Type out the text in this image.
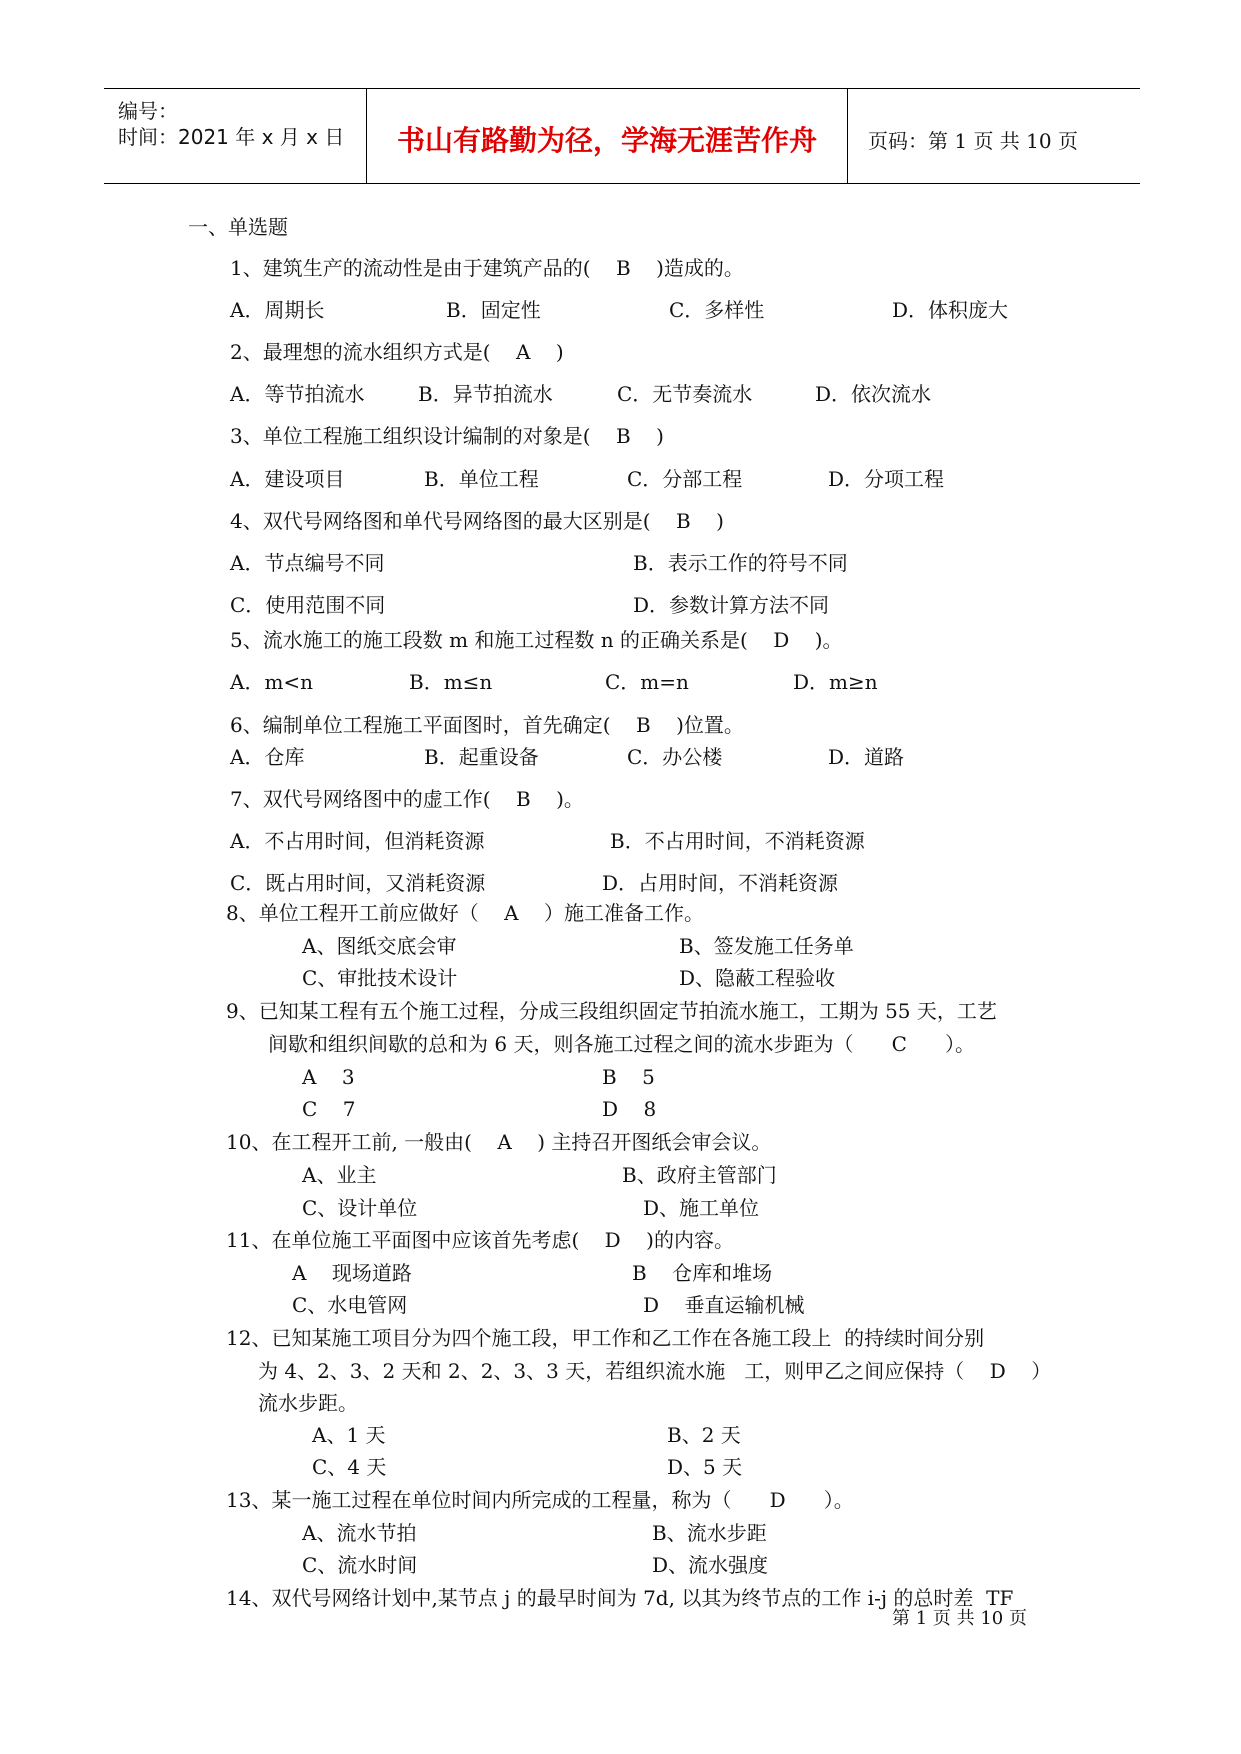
编号：
时间：2021 年 x 月 x 日	书山有路勤为径，学海无涯苦作舟	页码：第 1 页 共 10 页
一、单选题
1、建筑生产的流动性是由于建筑产品的(    B    )造成的。
A．周期长	B．固定性	C．多样性	D．体积庞大
2、最理想的流水组织方式是(    A    )
A．等节拍流水	B．异节拍流水	C．无节奏流水	D．依次流水
3、单位工程施工组织设计编制的对象是(    B    )
A．建设项目	B．单位工程	C．分部工程	D．分项工程
4、双代号网络图和单代号网络图的最大区别是(    B    )
A．节点编号不同	B．表示工作的符号不同
C．使用范围不同	D．参数计算方法不同
5、流水施工的施工段数 m 和施工过程数 n 的正确关系是(    D    )。
A．m<n	B．m≤n	C．m=n	D．m≥n
6、编制单位工程施工平面图时，首先确定(    B    )位置。
A．仓库	B．起重设备	C．办公楼	D．道路
7、双代号网络图中的虚工作(    B    )。
A．不占用时间，但消耗资源	B．不占用时间，不消耗资源
C．既占用时间，又消耗资源	D．占用时间，不消耗资源
8、单位工程开工前应做好（    A    ）施工准备工作。
A、图纸交底会审	B、签发施工任务单
C、审批技术设计	D、隐蔽工程验收
9、已知某工程有五个施工过程，分成三段组织固定节拍流水施工，工期为 55 天，工艺
间歇和组织间歇的总和为 6 天，则各施工过程之间的流水步距为（      C      ）。
A    3	B    5
C    7	D    8
10、在工程开工前, 一般由(    A    ) 主持召开图纸会审会议。
A、业主	B、政府主管部门
C、设计单位	D、施工单位
11、在单位施工平面图中应该首先考虑(    D    )的内容。
A    现场道路	B    仓库和堆场
C、水电管网	D    垂直运输机械
12、已知某施工项目分为四个施工段，甲工作和乙工作在各施工段上  的持续时间分别
为 4、2、3、2 天和 2、2、3、3 天，若组织流水施   工，则甲乙之间应保持（    D    ）
流水步距。
A、1 天	B、2 天
C、4 天	D、5 天
13、某一施工过程在单位时间内所完成的工程量，称为（      D      ）。
A、流水节拍	B、流水步距
C、流水时间	D、流水强度
14、双代号网络计划中,某节点 j 的最早时间为 7d, 以其为终节点的工作 i-j 的总时差  TF
第 1 页 共 10 页
